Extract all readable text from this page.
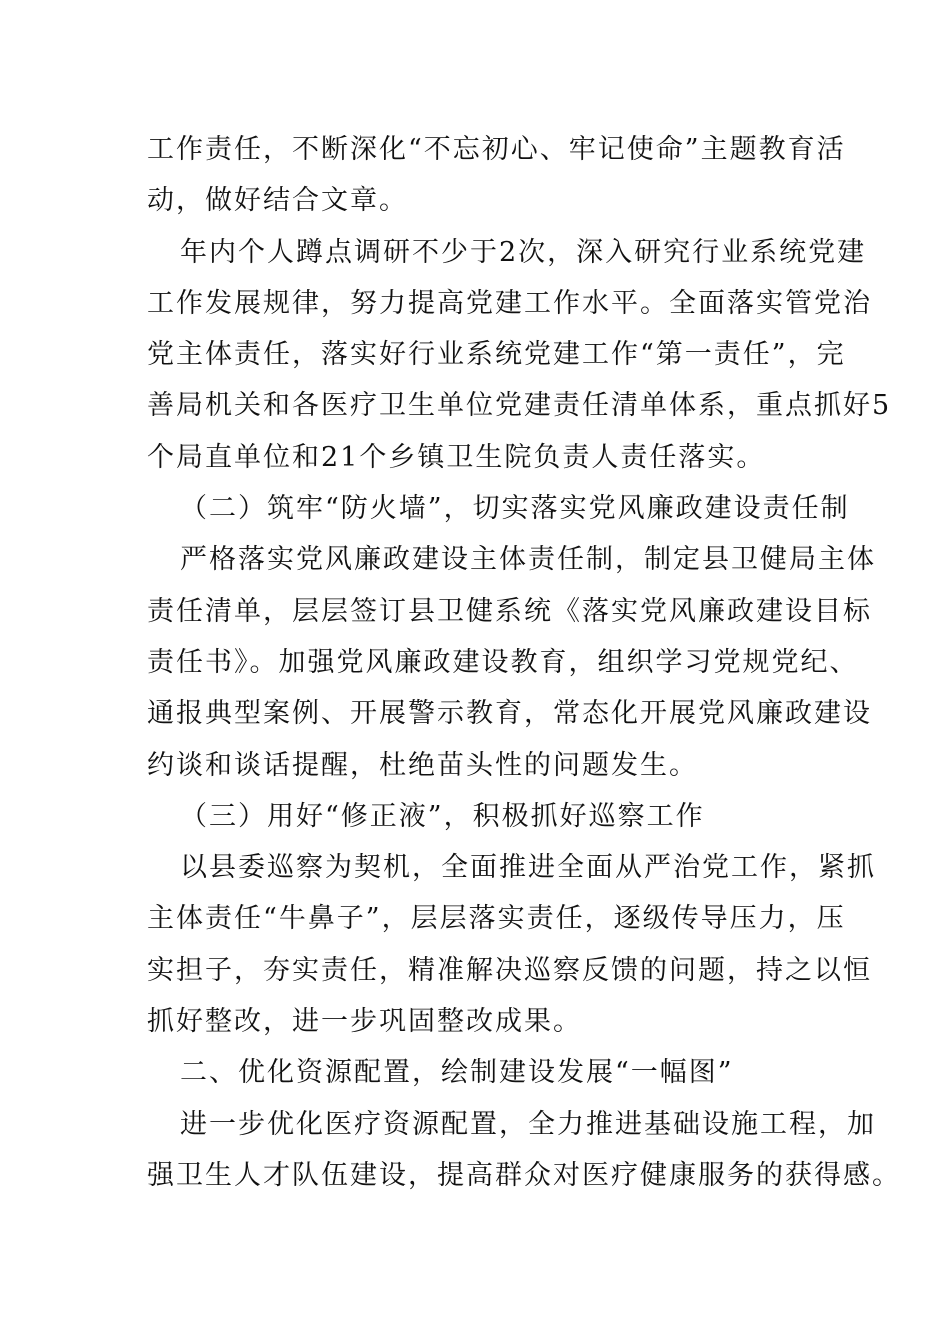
工作责任，不断深化“不忘初心、牢记使命”主题教育活
动，做好结合文章。
年内个人蹲点调研不少于2次，深入研究行业系统党建
工作发展规律，努力提高党建工作水平。全面落实管党治
党主体责任，落实好行业系统党建工作“第一责任”，完
善局机关和各医疗卫生单位党建责任清单体系，重点抓好5
个局直单位和21个乡镇卫生院负责人责任落实。
（二）筑牢“防火墙”，切实落实党风廉政建设责任制
严格落实党风廉政建设主体责任制，制定县卫健局主体
责任清单，层层签订县卫健系统《落实党风廉政建设目标
责任书》。加强党风廉政建设教育，组织学习党规党纪、
通报典型案例、开展警示教育，常态化开展党风廉政建设
约谈和谈话提醒，杜绝苗头性的问题发生。
（三）用好“修正液”，积极抓好巡察工作
以县委巡察为契机，全面推进全面从严治党工作，紧抓
主体责任“牛鼻子”，层层落实责任，逐级传导压力，压
实担子，夯实责任，精准解决巡察反馈的问题，持之以恒
抓好整改，进一步巩固整改成果。
二、优化资源配置，绘制建设发展“一幅图”
进一步优化医疗资源配置，全力推进基础设施工程，加
强卫生人才队伍建设，提高群众对医疗健康服务的获得感。
